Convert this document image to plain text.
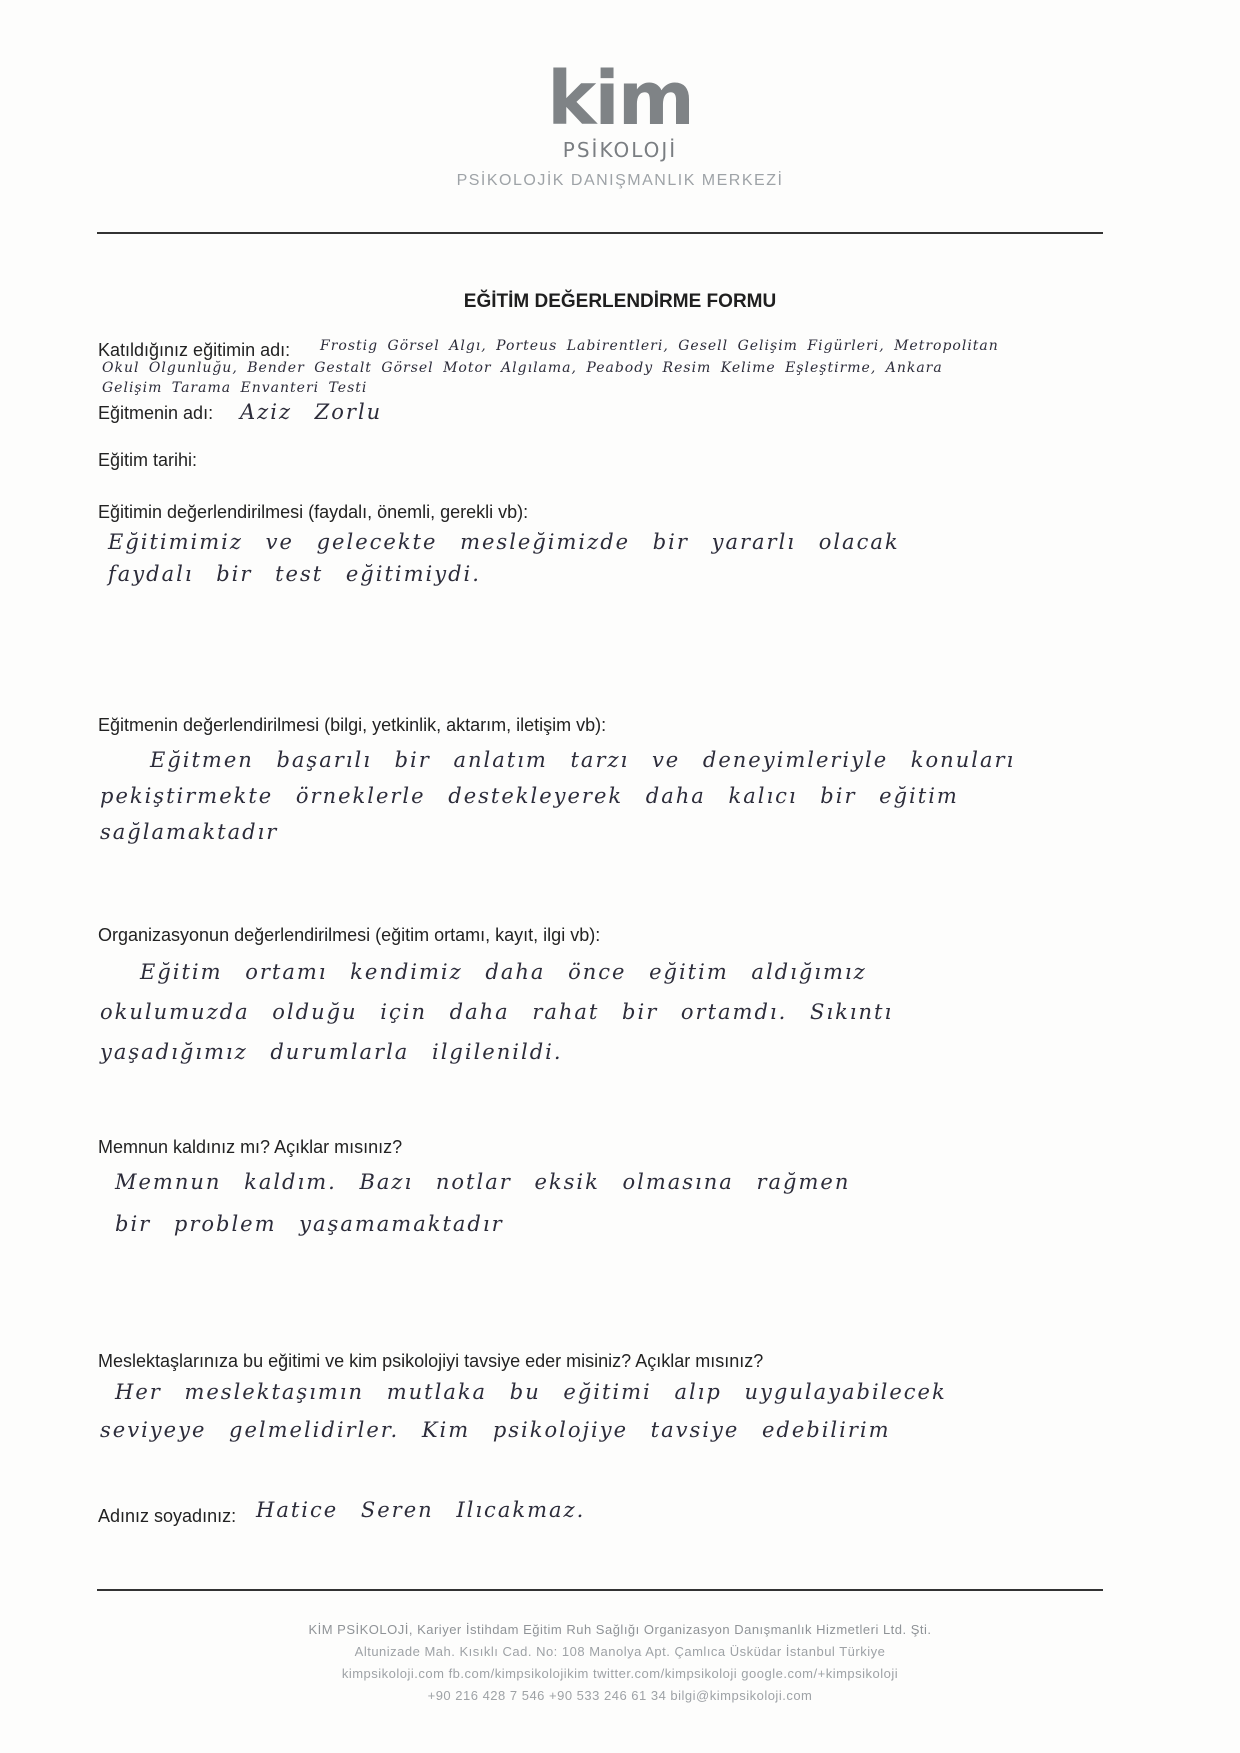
kim
PSİKOLOJİ
PSİKOLOJİK DANIŞMANLIK MERKEZİ
EĞİTİM DEĞERLENDİRME FORMU
Katıldığınız eğitimin adı: Frostig Görsel Algı, Porteus Labirentleri, Gesell Gelişim Figürleri, Metropolitan
Okul Olgunluğu, Bender Gestalt Görsel Motor Algılama, Peabody Resim Kelime Eşleştirme, Ankara
Gelişim Tarama Envanteri Testi
Eğitmenin adı: Aziz Zorlu
Eğitim tarihi:
Eğitimin değerlendirilmesi (faydalı, önemli, gerekli vb):
Eğitimimiz ve gelecekte mesleğimizde bir yararlı olacak
faydalı bir test eğitimiydi.
Eğitmenin değerlendirilmesi (bilgi, yetkinlik, aktarım, iletişim vb):
Eğitmen başarılı bir anlatım tarzı ve deneyimleriyle konuları
pekiştirmekte örneklerle destekleyerek daha kalıcı bir eğitim
sağlamaktadır
Organizasyonun değerlendirilmesi (eğitim ortamı, kayıt, ilgi vb):
Eğitim ortamı kendimiz daha önce eğitim aldığımız
okulumuzda olduğu için daha rahat bir ortamdı. Sıkıntı
yaşadığımız durumlarla ilgilenildi.
Memnun kaldınız mı? Açıklar mısınız?
Memnun kaldım. Bazı notlar eksik olmasına rağmen
bir problem yaşamamaktadır
Meslektaşlarınıza bu eğitimi ve kim psikolojiyi tavsiye eder misiniz? Açıklar mısınız?
Her meslektaşımın mutlaka bu eğitimi alıp uygulayabilecek
seviyeye gelmelidirler. Kim psikolojiye tavsiye edebilirim
Adınız soyadınız: Hatice Seren Ilıcakmaz.
KİM PSİKOLOJİ, Kariyer İstihdam Eğitim Ruh Sağlığı Organizasyon Danışmanlık Hizmetleri Ltd. Şti.
Altunizade Mah. Kısıklı Cad. No: 108 Manolya Apt. Çamlıca Üsküdar İstanbul Türkiye
kimpsikoloji.com fb.com/kimpsikolojikim twitter.com/kimpsikoloji google.com/+kimpsikoloji
+90 216 428 7 546 +90 533 246 61 34 bilgi@kimpsikoloji.com
